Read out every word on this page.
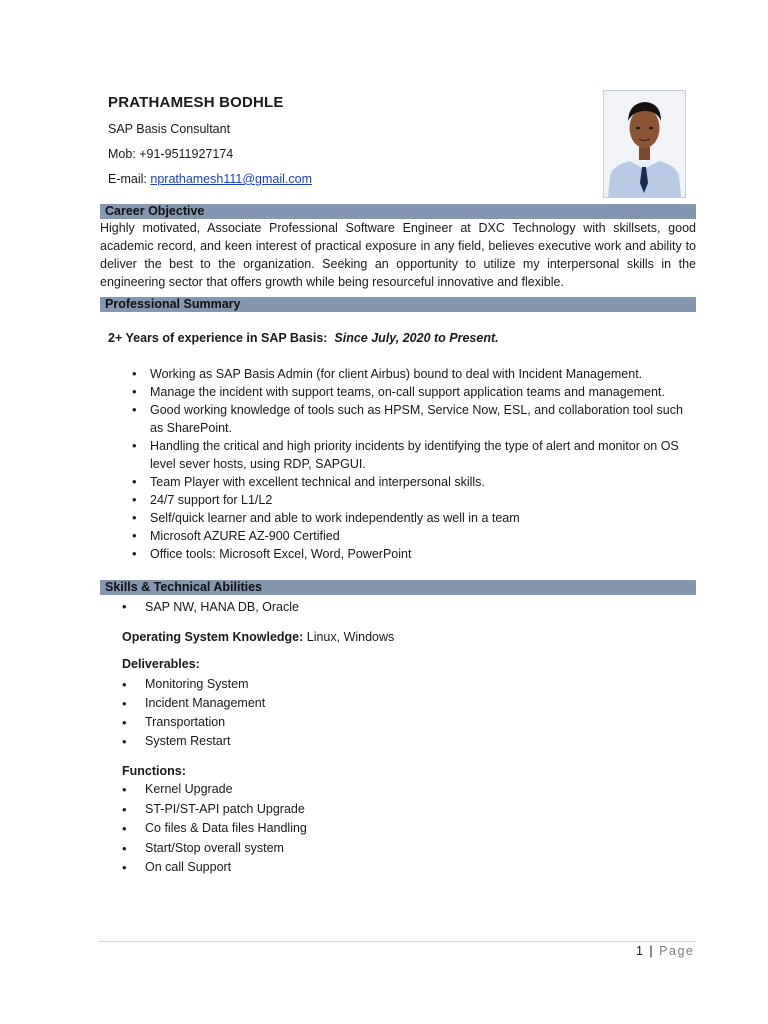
PRATHAMESH BODHLE
SAP Basis Consultant
Mob: +91-9511927174
E-mail: nprathamesh111@gmail.com
Career Objective
Highly motivated, Associate Professional Software Engineer at DXC Technology with skillsets, good academic record, and keen interest of practical exposure in any field, believes executive work and ability to deliver the best to the organization. Seeking an opportunity to utilize my interpersonal skills in the engineering sector that offers growth while being resourceful innovative and flexible.
Professional Summary
2+ Years of experience in SAP Basis: Since July, 2020 to Present.
• Working as SAP Basis Admin (for client Airbus) bound to deal with Incident Management.
• Manage the incident with support teams, on-call support application teams and management.
• Good working knowledge of tools such as HPSM, Service Now, ESL, and collaboration tool such as SharePoint.
• Handling the critical and high priority incidents by identifying the type of alert and monitor on OS level sever hosts, using RDP, SAPGUI.
• Team Player with excellent technical and interpersonal skills.
• 24/7 support for L1/L2
• Self/quick learner and able to work independently as well in a team
• Microsoft AZURE AZ-900 Certified
• Office tools: Microsoft Excel, Word, PowerPoint
Skills & Technical Abilities
• SAP NW, HANA DB, Oracle
Operating System Knowledge: Linux, Windows
Deliverables:
• Monitoring System
• Incident Management
• Transportation
• System Restart
Functions:
• Kernel Upgrade
• ST-PI/ST-API patch Upgrade
• Co files & Data files Handling
• Start/Stop overall system
• On call Support
1 | Page
